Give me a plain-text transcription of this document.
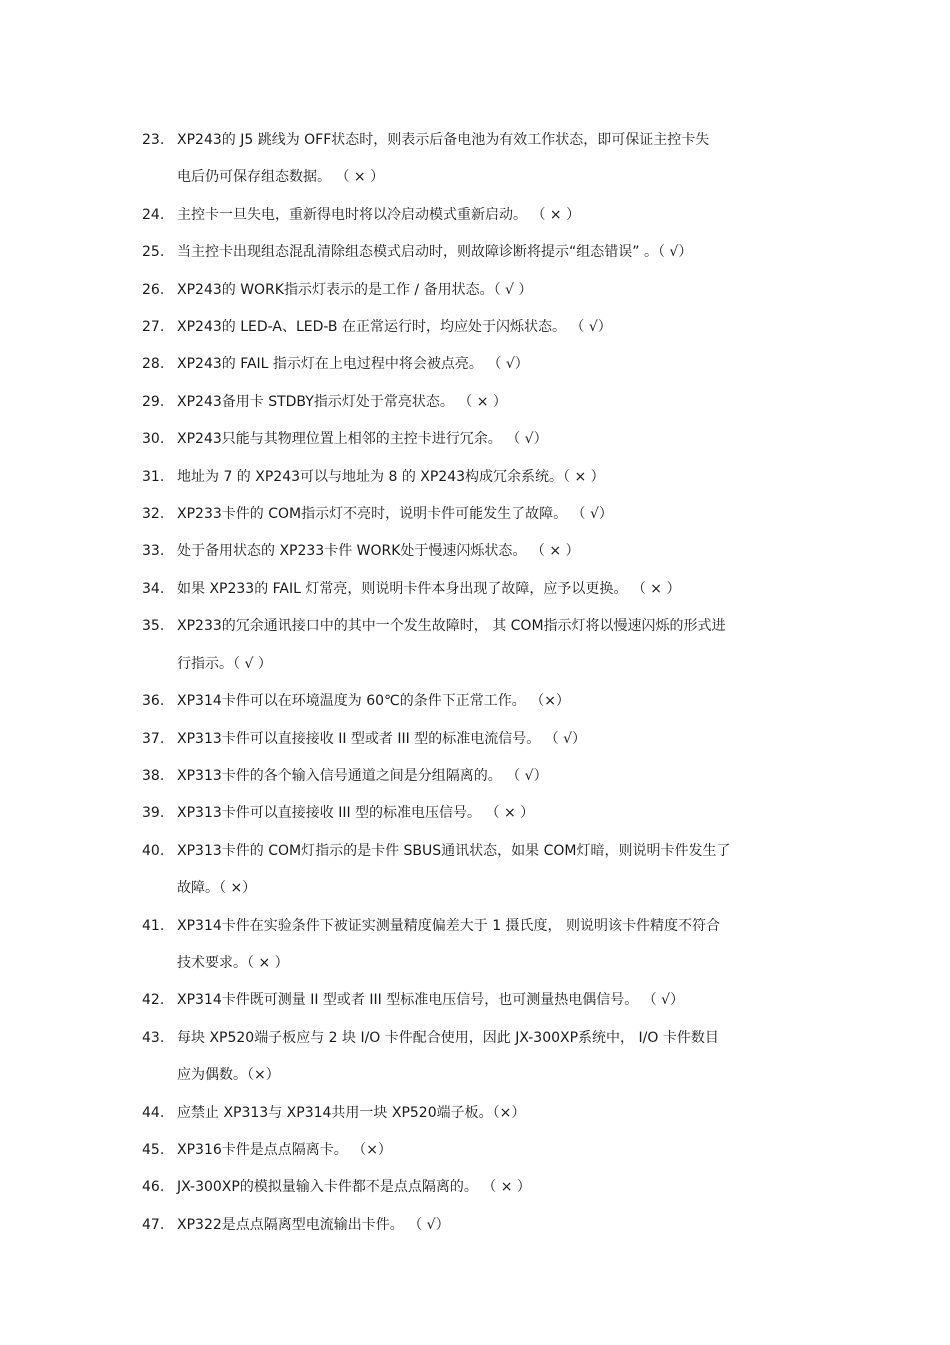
23. XP243的 J5 跳线为 OFF状态时，则表示后备电池为有效工作状态，即可保证主控卡失
电后仍可保存组态数据。 （ × ）
24. 主控卡一旦失电，重新得电时将以冷启动模式重新启动。 （ × ）
25. 当主控卡出现组态混乱清除组态模式启动时，则故障诊断将提示“组态错误” 。（ √）
26. XP243的 WORK指示灯表示的是工作 / 备用状态。（ √ ）
27. XP243的 LED-A、LED-B 在正常运行时，均应处于闪烁状态。 （ √）
28. XP243的 FAIL 指示灯在上电过程中将会被点亮。 （ √）
29. XP243备用卡 STDBY指示灯处于常亮状态。 （ × ）
30. XP243只能与其物理位置上相邻的主控卡进行冗余。 （ √）
31. 地址为 7 的 XP243可以与地址为 8 的 XP243构成冗余系统。（ × ）
32. XP233卡件的 COM指示灯不亮时，说明卡件可能发生了故障。 （ √）
33. 处于备用状态的 XP233卡件 WORK处于慢速闪烁状态。 （ × ）
34. 如果 XP233的 FAIL 灯常亮，则说明卡件本身出现了故障，应予以更换。 （ × ）
35. XP233的冗余通讯接口中的其中一个发生故障时， 其 COM指示灯将以慢速闪烁的形式进
行指示。（ √ ）
36. XP314卡件可以在环境温度为 60℃的条件下正常工作。 （×）
37. XP313卡件可以直接接收 II 型或者 III 型的标准电流信号。 （ √）
38. XP313卡件的各个输入信号通道之间是分组隔离的。 （ √）
39. XP313卡件可以直接接收 III 型的标准电压信号。 （ × ）
40. XP313卡件的 COM灯指示的是卡件 SBUS通讯状态，如果 COM灯暗，则说明卡件发生了
故障。（ ×）
41. XP314卡件在实验条件下被证实测量精度偏差大于 1 摄氏度， 则说明该卡件精度不符合
技术要求。（ × ）
42. XP314卡件既可测量 II 型或者 III 型标准电压信号，也可测量热电偶信号。 （ √）
43. 每块 XP520端子板应与 2 块 I/O 卡件配合使用，因此 JX-300XP系统中， I/O 卡件数目
应为偶数。（×）
44. 应禁止 XP313与 XP314共用一块 XP520端子板。（×）
45. XP316卡件是点点隔离卡。 （×）
46. JX-300XP的模拟量输入卡件都不是点点隔离的。 （ × ）
47. XP322是点点隔离型电流输出卡件。 （ √）
